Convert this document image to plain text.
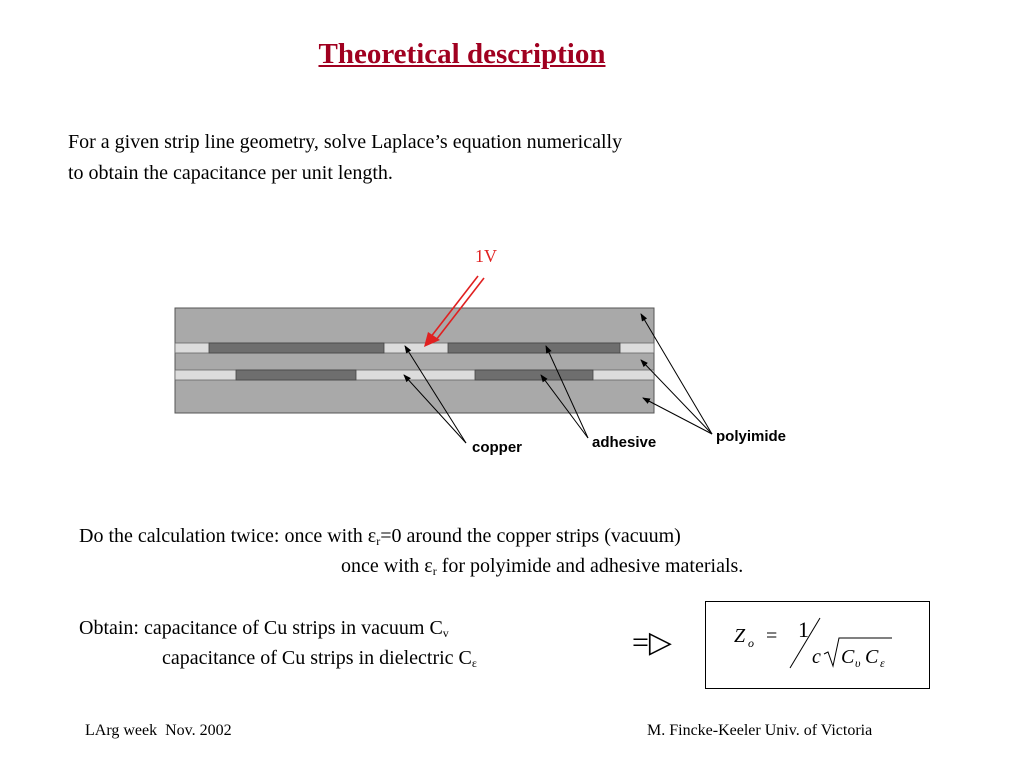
Theoretical description
For a given strip line geometry, solve Laplace’s equation numerically
to obtain the capacitance per unit length.
1V
copper	adhesive	polyimide
Do the calculation twice: once with $\varepsilon_r=0$ around the copper strips (vacuum)
once with $\varepsilon_r$ for polyimide and adhesive materials.
Obtain: capacitance of Cu strips in vacuum $C_v$
capacitance of Cu strips in dielectric $C_\varepsilon$
=▷	Z o = 1
c C υ C ε
LArg week  Nov. 2002	M. Fincke-Keeler Univ. of Victoria
